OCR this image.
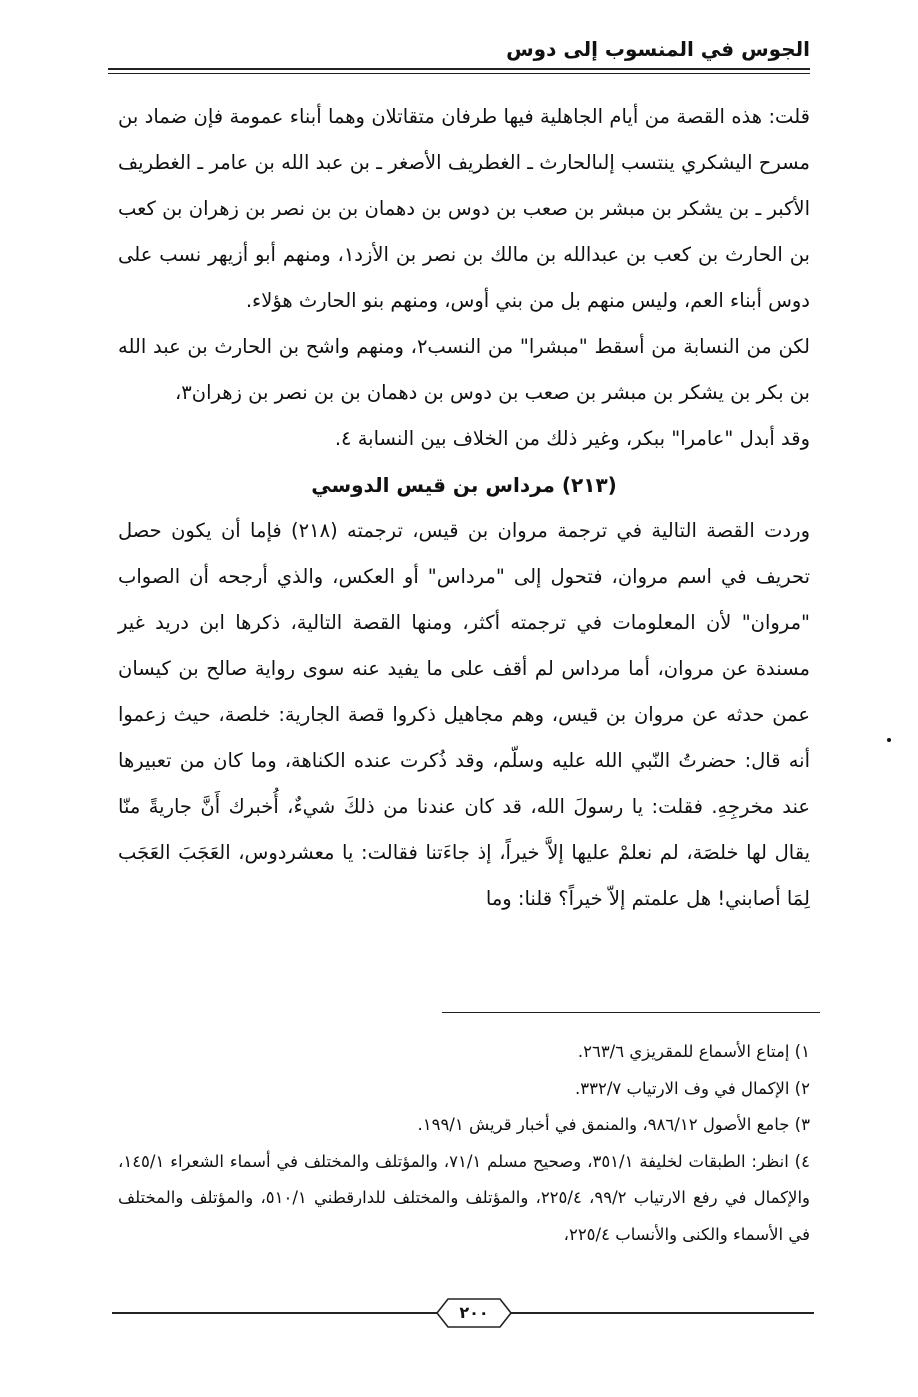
الجوس في المنسوب إلى دوس

قلت: هذه القصة من أيام الجاهلية فيها طرفان متقاتلان وهما أبناء عمومة فإن ضماد بن مسرح اليشكري ينتسب إلىالحارث ـ الغطريف الأصغر ـ بن عبد الله بن عامر ـ الغطريف الأكبر ـ بن يشكر بن مبشر بن صعب بن دوس بن دهمان بن بن نصر بن زهران بن كعب بن الحارث بن كعب بن عبدالله بن مالك بن نصر بن الأزد١، ومنهم أبو أزيهر نسب على دوس أبناء العم، وليس منهم بل من بني أوس، ومنهم بنو الحارث هؤلاء.

لكن من النسابة من أسقط "مبشرا" من النسب٢، ومنهم واشح بن الحارث بن عبد الله بن بكر بن يشكر بن مبشر بن صعب بن دوس بن دهمان بن بن نصر بن زهران٣،

وقد أبدل "عامرا" ببكر، وغير ذلك من الخلاف بين النسابة ٤.

(٢١٣) مرداس بن قيس الدوسي

وردت القصة التالية في ترجمة مروان بن قيس، ترجمته (٢١٨) فإما أن يكون حصل تحريف في اسم مروان، فتحول إلى "مرداس" أو العكس، والذي أرجحه أن الصواب "مروان" لأن المعلومات في ترجمته أكثر، ومنها القصة التالية، ذكرها ابن دريد غير مسندة عن مروان، أما مرداس لم أقف على ما يفيد عنه سوى رواية صالح بن كيسان عمن حدثه عن مروان بن قيس، وهم مجاهيل ذكروا قصة الجارية: خلصة، حيث زعموا أنه قال: حضرتُ النّبي الله عليه وسلّم، وقد ذُكرت عنده الكناهة، وما كان من تعبيرها عند مخرجِهِ. فقلت: يا رسولَ الله، قد كان عندنا من ذلكَ شيءٌ، أُخبرك أَنَّ جاريةً منّا يقال لها خلصَة، لم نعلمْ عليها إلاَّ خيراً، إذ جاءَتنا فقالت: يا معشردوس، العَجَبَ العَجَب لِمَا أصابني! هل علمتم إلاّ خيراً؟ قلنا: وما

١) إمتاع الأسماع للمقريزي ٢٦٣/٦.

٢) الإكمال في وف الارتياب ٣٣٢/٧.

٣) جامع الأصول ٩٨٦/١٢، والمنمق في أخبار قريش ١٩٩/١.

٤) انظر: الطبقات لخليفة ٣٥١/١، وصحيح مسلم ٧١/١، والمؤتلف والمختلف في أسماء الشعراء ١٤٥/١، والإكمال في رفع الارتياب ٩٩/٢، ٢٢٥/٤، والمؤتلف والمختلف للدارقطني ٥١٠/١، والمؤتلف والمختلف في الأسماء والكنى والأنساب ٢٢٥/٤،

٢٠٠
